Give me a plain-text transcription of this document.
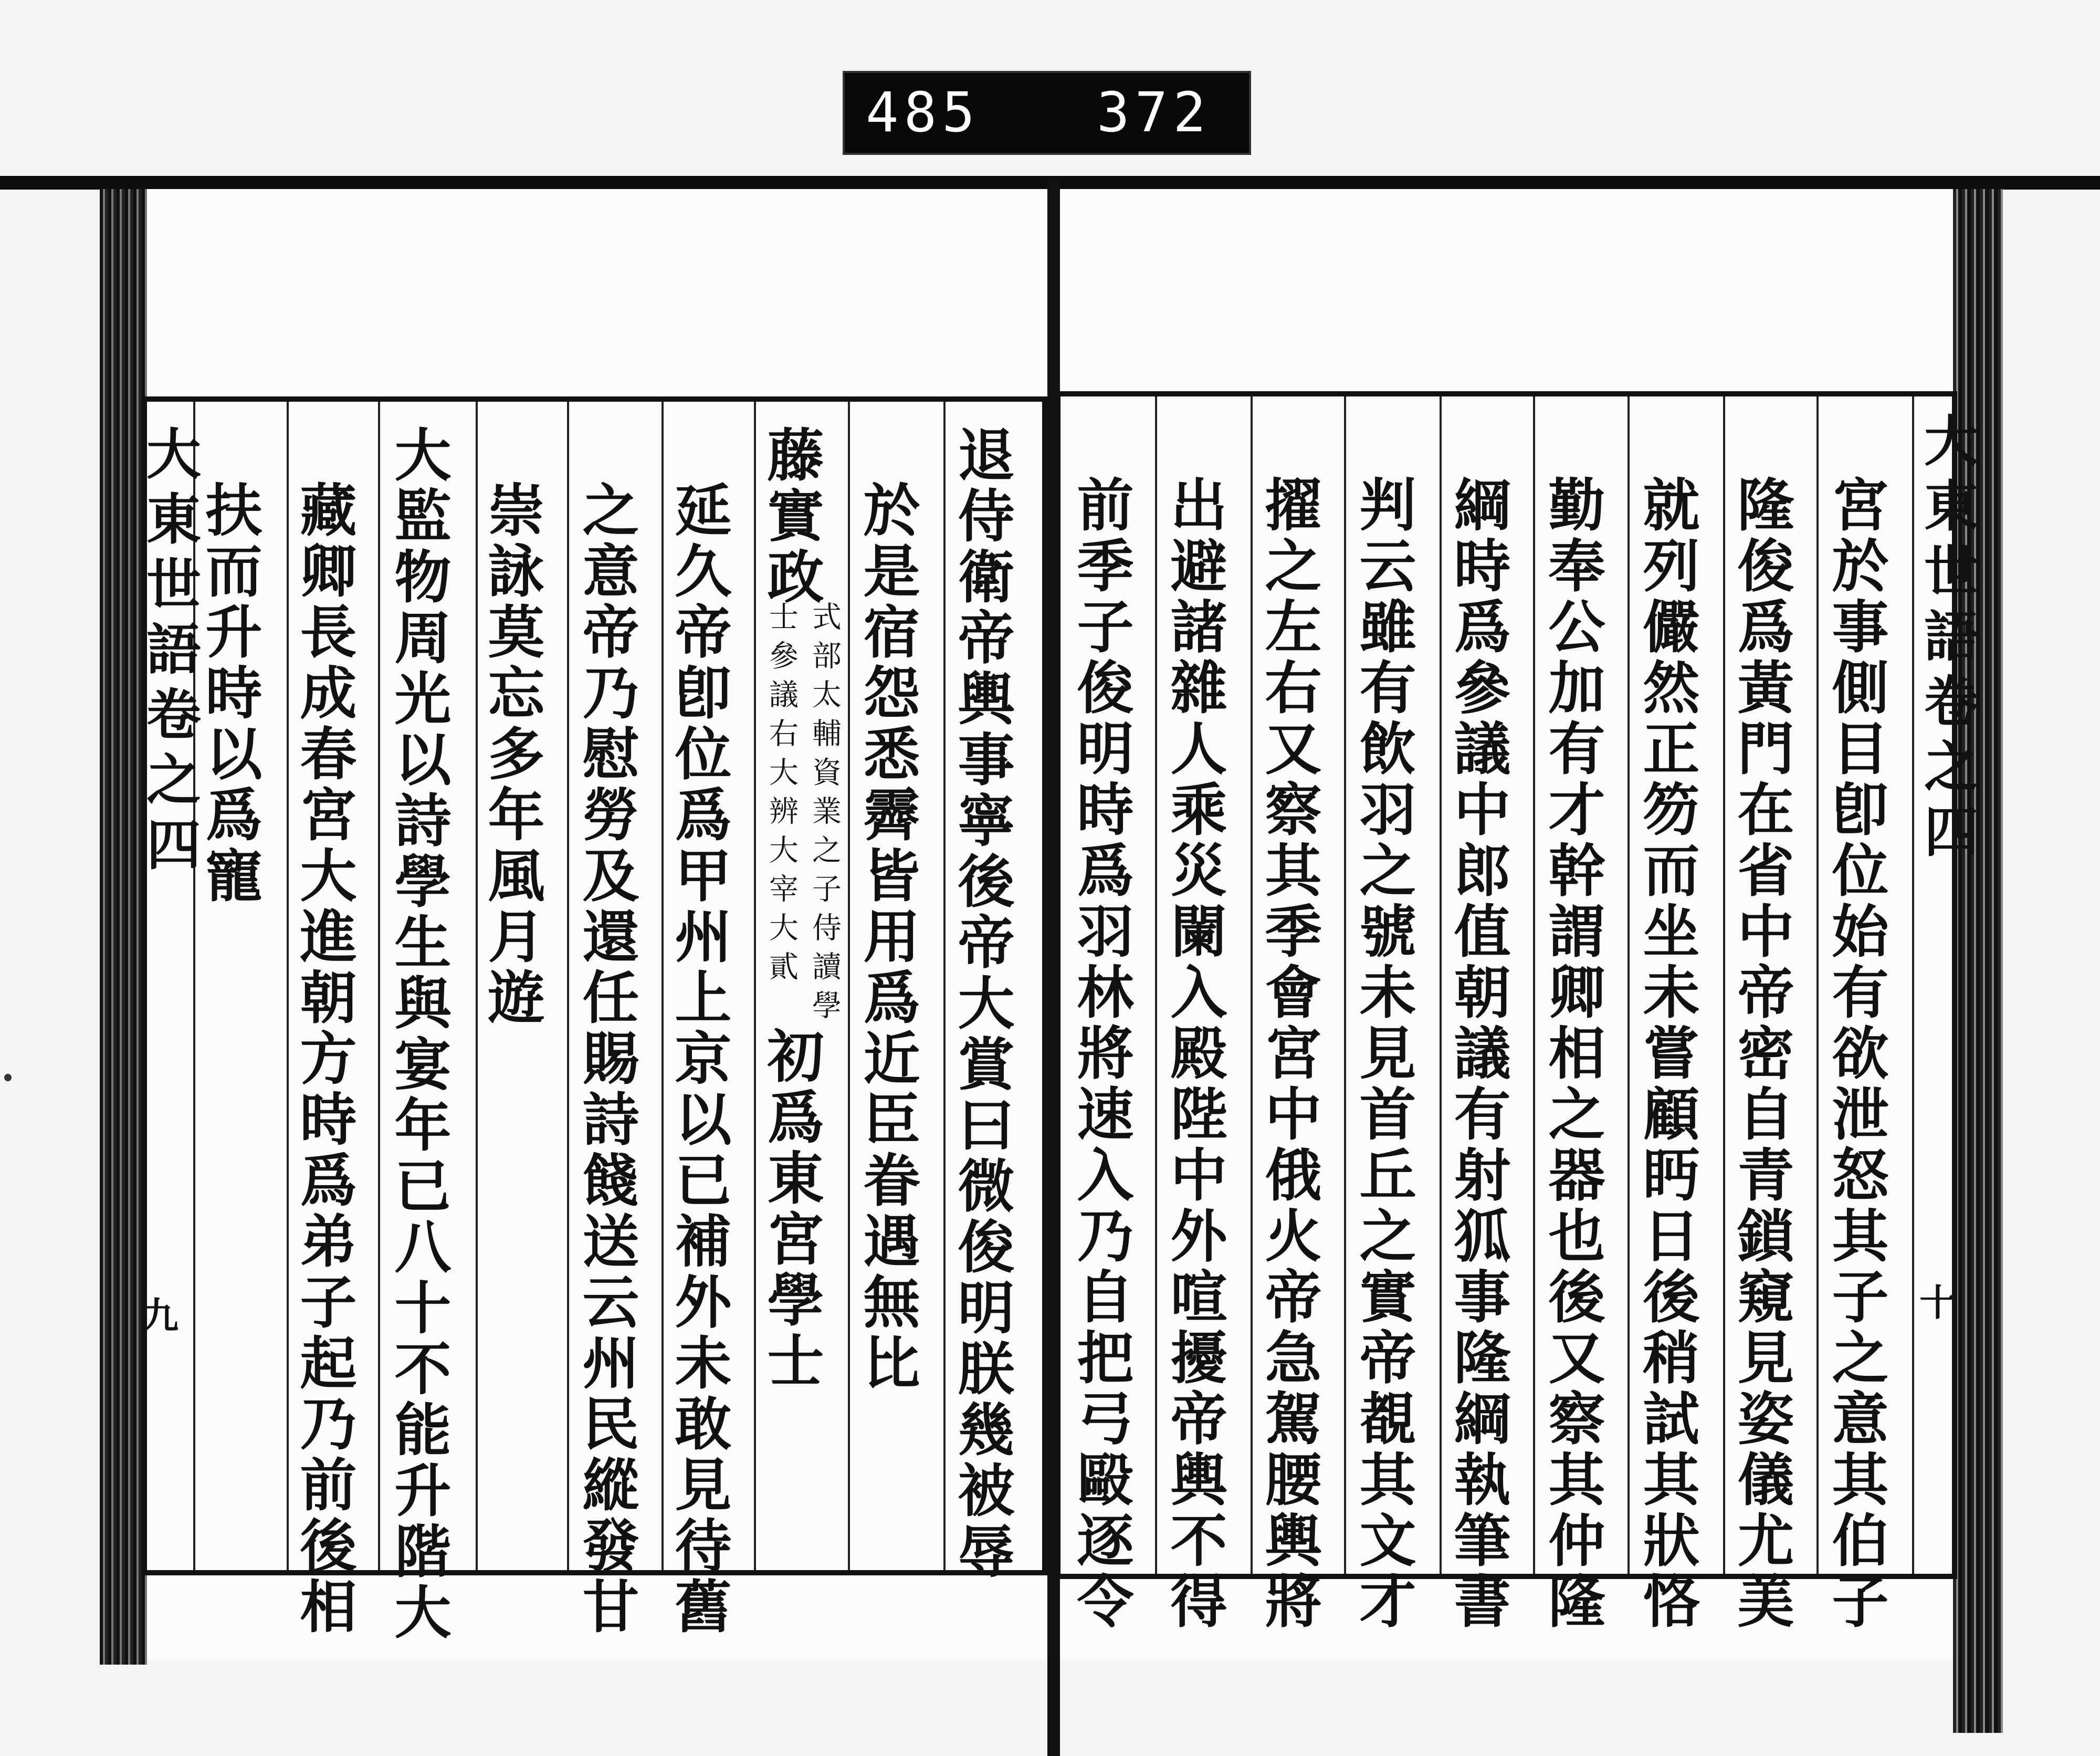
485 372
大東世語卷之四
九
扶而升時以爲寵 藏卿長成春宮大進朝方時爲弟子起乃前後相 大監物周光以詩學生與宴年已八十不能升階大 崇詠莫忘多年風月遊 之意帝乃慰勞及還任賜詩餞送云州民縱發甘 延久帝卽位爲甲州上京以已補外未敢見待舊 藤實政
式部太輔資業之子侍讀學
士參議右大辨大宰大貳
初爲東宮學士 於是宿怨悉霽皆用爲近臣眷遇無比 退侍衛帝輿事寧後帝大賞曰微俊明朕幾被辱 前季子俊明時爲羽林將速入乃自把弓毆逐令 出避諸雜人乘災闌入殿陛中外喧擾帝輿不得 擢之左右又察其季會宮中俄火帝急駕腰輿將 判云雖有飲羽之號未見首丘之實帝覩其文才 綱時爲參議中郎值朝議有射狐事隆綱執筆書 勤奉公加有才幹謂卿相之器也後又察其仲隆 就列儼然正笏而坐未嘗顧眄日後稍試其狀恪 隆俊爲黃門在省中帝密自青鎖窺見姿儀尤美 宮於事側目卽位始有欲泄怒其子之意其伯子 大東世語卷之四
十
